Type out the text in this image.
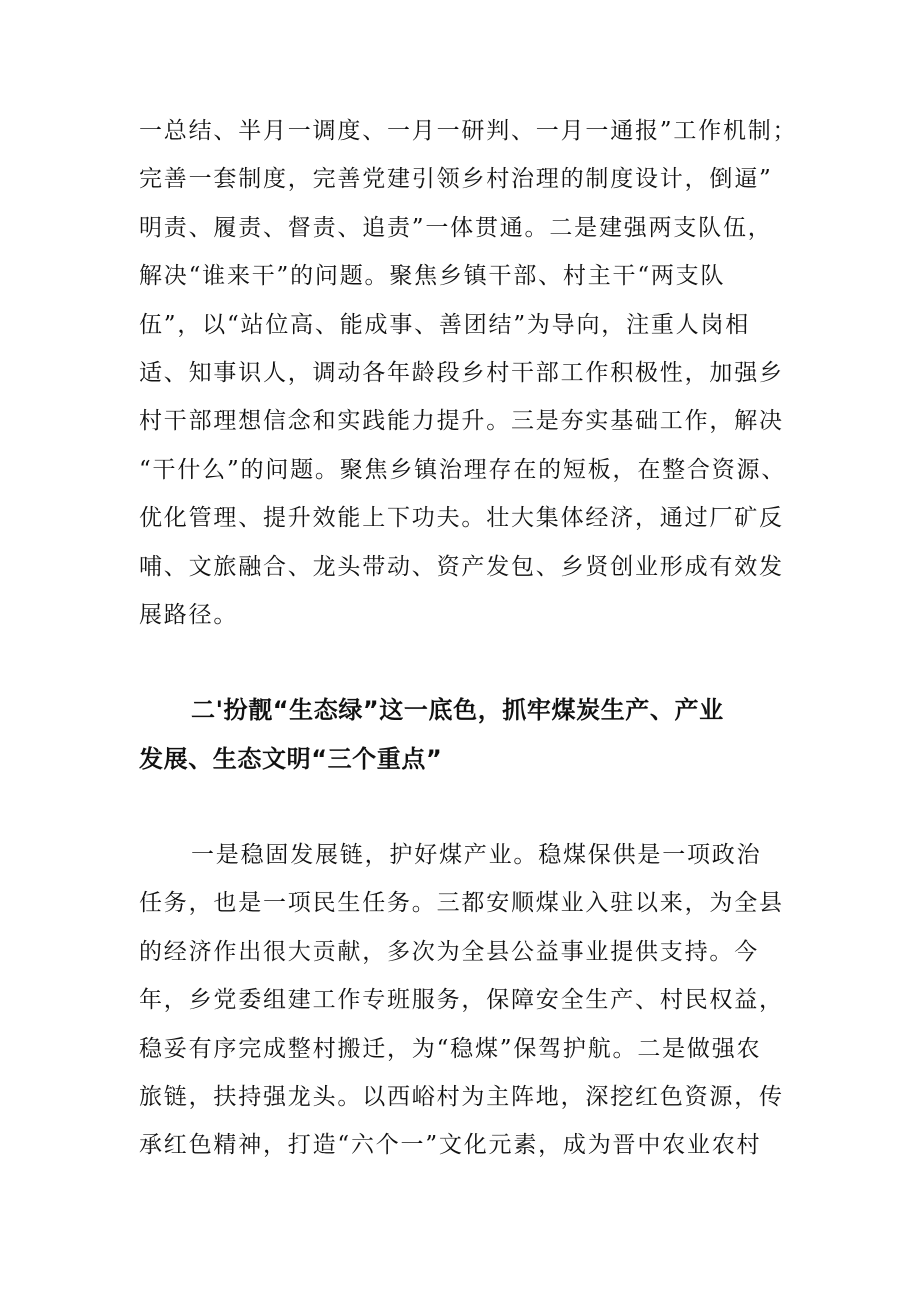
一总结、半月一调度、一月一研判、一月一通报”工作机制；
完善一套制度，完善党建引领乡村治理的制度设计，倒逼”
明责、履责、督责、追责”一体贯通。二是建强两支队伍，
解决“谁来干”的问题。聚焦乡镇干部、村主干“两支队
伍”，以“站位高、能成事、善团结”为导向，注重人岗相
适、知事识人，调动各年龄段乡村干部工作积极性，加强乡
村干部理想信念和实践能力提升。三是夯实基础工作，解决
“干什么”的问题。聚焦乡镇治理存在的短板，在整合资源、
优化管理、提升效能上下功夫。壮大集体经济，通过厂矿反
哺、文旅融合、龙头带动、资产发包、乡贤创业形成有效发
展路径。
二'扮靓“生态绿”这一底色，抓牢煤炭生产、产业
发展、生态文明“三个重点”
一是稳固发展链，护好煤产业。稳煤保供是一项政治
任务，也是一项民生任务。三都安顺煤业入驻以来，为全县
的经济作出很大贡献，多次为全县公益事业提供支持。今
年，乡党委组建工作专班服务，保障安全生产、村民权益，
稳妥有序完成整村搬迁，为“稳煤”保驾护航。二是做强农
旅链，扶持强龙头。以西峪村为主阵地，深挖红色资源，传
承红色精神，打造“六个一”文化元素，成为晋中农业农村
